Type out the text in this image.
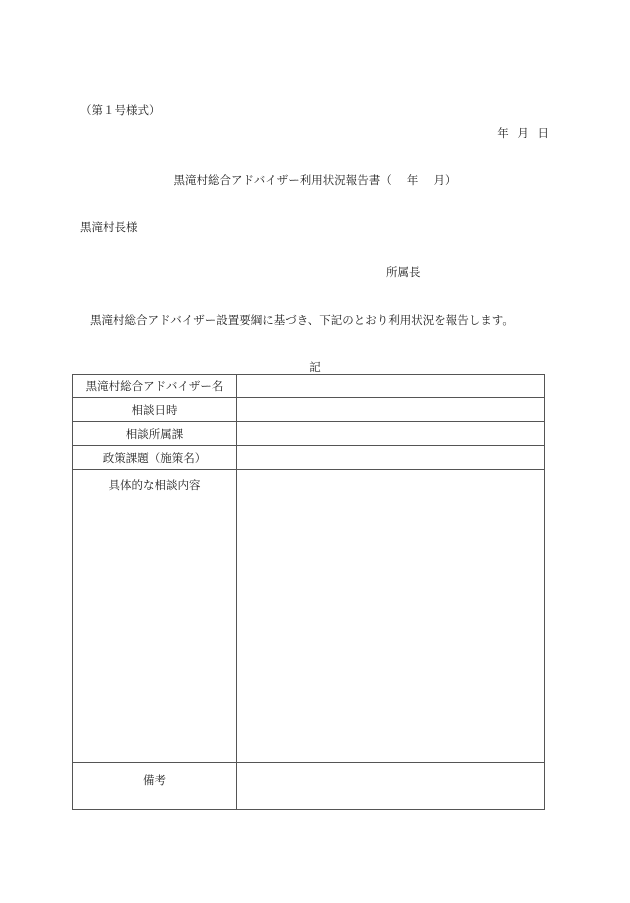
（第１号様式）
年 月 日
黒滝村総合アドバイザー利用状況報告書（　 年　 月）
黒滝村長様
所属長
黒滝村総合アドバイザー設置要綱に基づき、下記のとおり利用状況を報告します。
記
黒滝村総合アドバイザー名
相談日時
相談所属課
政策課題（施策名）
具体的な相談内容
備考
